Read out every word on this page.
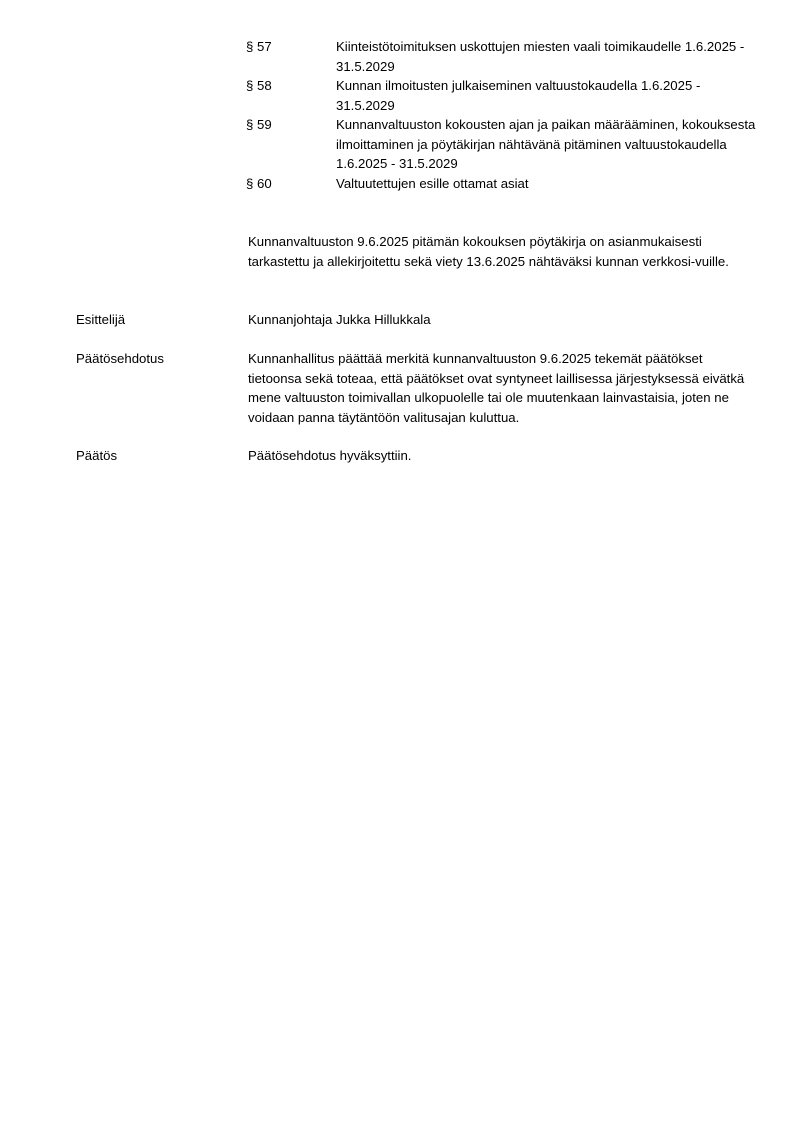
§ 57	Kiinteistötoimituksen uskottujen miesten vaali toimikaudelle 1.6.2025 - 31.5.2029
§ 58	Kunnan ilmoitusten julkaiseminen valtuustokaudella 1.6.2025 - 31.5.2029
§ 59	Kunnanvaltuuston kokousten ajan ja paikan määrääminen, kokouksesta ilmoittaminen ja pöytäkirjan nähtävänä pitäminen valtuustokaudella 1.6.2025 - 31.5.2029
§ 60	Valtuutettujen esille ottamat asiat
Kunnanvaltuuston 9.6.2025 pitämän kokouksen pöytäkirja on asianmukaisesti tarkastettu ja allekirjoitettu sekä viety 13.6.2025 nähtäväksi kunnan verkkosi-vuille.
Esittelijä	Kunnanjohtaja Jukka Hillukkala
Päätösehdotus	Kunnanhallitus päättää merkitä kunnanvaltuuston 9.6.2025 tekemät päätökset tietoonsa sekä toteaa, että päätökset ovat syntyneet laillisessa järjestyksessä eivätkä mene valtuuston toimivallan ulkopuolelle tai ole muutenkaan lainvastaisia, joten ne voidaan panna täytäntöön valitusajan kuluttua.
Päätös	Päätösehdotus hyväksyttiin.
